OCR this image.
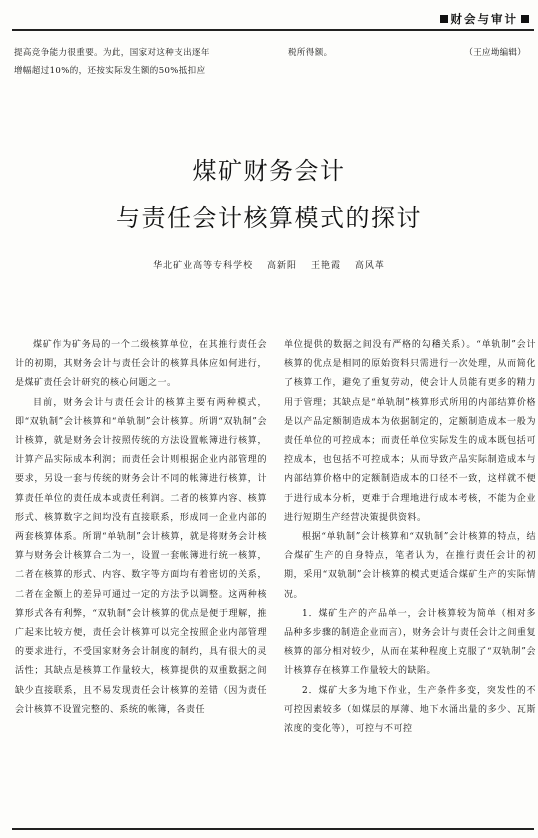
财会与审计
提高竞争能力很重要。为此，国家对这种支出逐年
增幅超过10%的，还按实际发生额的50%抵扣应
税所得额。	（王应坳编辑）
煤矿财务会计
与责任会计核算模式的探讨
华北矿业高等专科学校 高新阳 王艳霞 高风革

煤矿作为矿务局的一个二级核算单位，在其推行责任会计的初期，其财务会计与责任会计的核算具体应如何进行，是煤矿责任会计研究的核心问题之一。

目前，财务会计与责任会计的核算主要有两种模式，即“双轨制”会计核算和“单轨制”会计核算。所谓“双轨制”会计核算，就是财务会计按照传统的方法设置帐簿进行核算，计算产品实际成本利润；而责任会计则根据企业内部管理的要求，另设一套与传统的财务会计不同的帐簿进行核算，计算责任单位的责任成本或责任利润。二者的核算内容、核算形式、核算数字之间均没有直接联系，形成同一企业内部的两套核算体系。所谓“单轨制”会计核算，就是将财务会计核算与财务会计核算合二为一，设置一套帐簿进行统一核算，二者在核算的形式、内容、数字等方面均有着密切的关系，二者在金额上的差异可通过一定的方法予以调整。这两种核算形式各有利弊，“双轨制”会计核算的优点是便于理解，推广起来比较方便，责任会计核算可以完全按照企业内部管理的要求进行，不受国家财务会计制度的制约，具有很大的灵活性；其缺点是核算工作量较大，核算提供的双重数据之间缺少直接联系，且不易发现责任会计核算的差错（因为责任会计核算不设置完整的、系统的帐簿，各责任

单位提供的数据之间没有严格的勾稽关系）。“单轨制”会计核算的优点是相同的原始资料只需进行一次处理，从而简化了核算工作，避免了重复劳动，使会计人员能有更多的精力用于管理；其缺点是“单轨制”核算形式所用的内部结算价格是以产品定额制造成本为依据制定的，定额制造成本一般为责任单位的可控成本；而责任单位实际发生的成本既包括可控成本，也包括不可控成本；从而导致产品实际制造成本与内部结算价格中的定额制造成本的口径不一致，这样就不便于进行成本分析，更难于合理地进行成本考核，不能为企业进行短期生产经营决策提供资料。

根据“单轨制”会计核算和“双轨制”会计核算的特点，结合煤矿生产的自身特点，笔者认为，在推行责任会计的初期，采用“双轨制”会计核算的模式更适合煤矿生产的实际情况。

1．煤矿生产的产品单一，会计核算较为简单（相对多品种多步骤的制造企业而言），财务会计与责任会计之间重复核算的部分相对较少，从而在某种程度上克服了“双轨制”会计核算存在核算工作量较大的缺陷。

2．煤矿大多为地下作业，生产条件多变，突发性的不可控因素较多（如煤层的厚薄、地下水涌出量的多少、瓦斯浓度的变化等），可控与不可控
